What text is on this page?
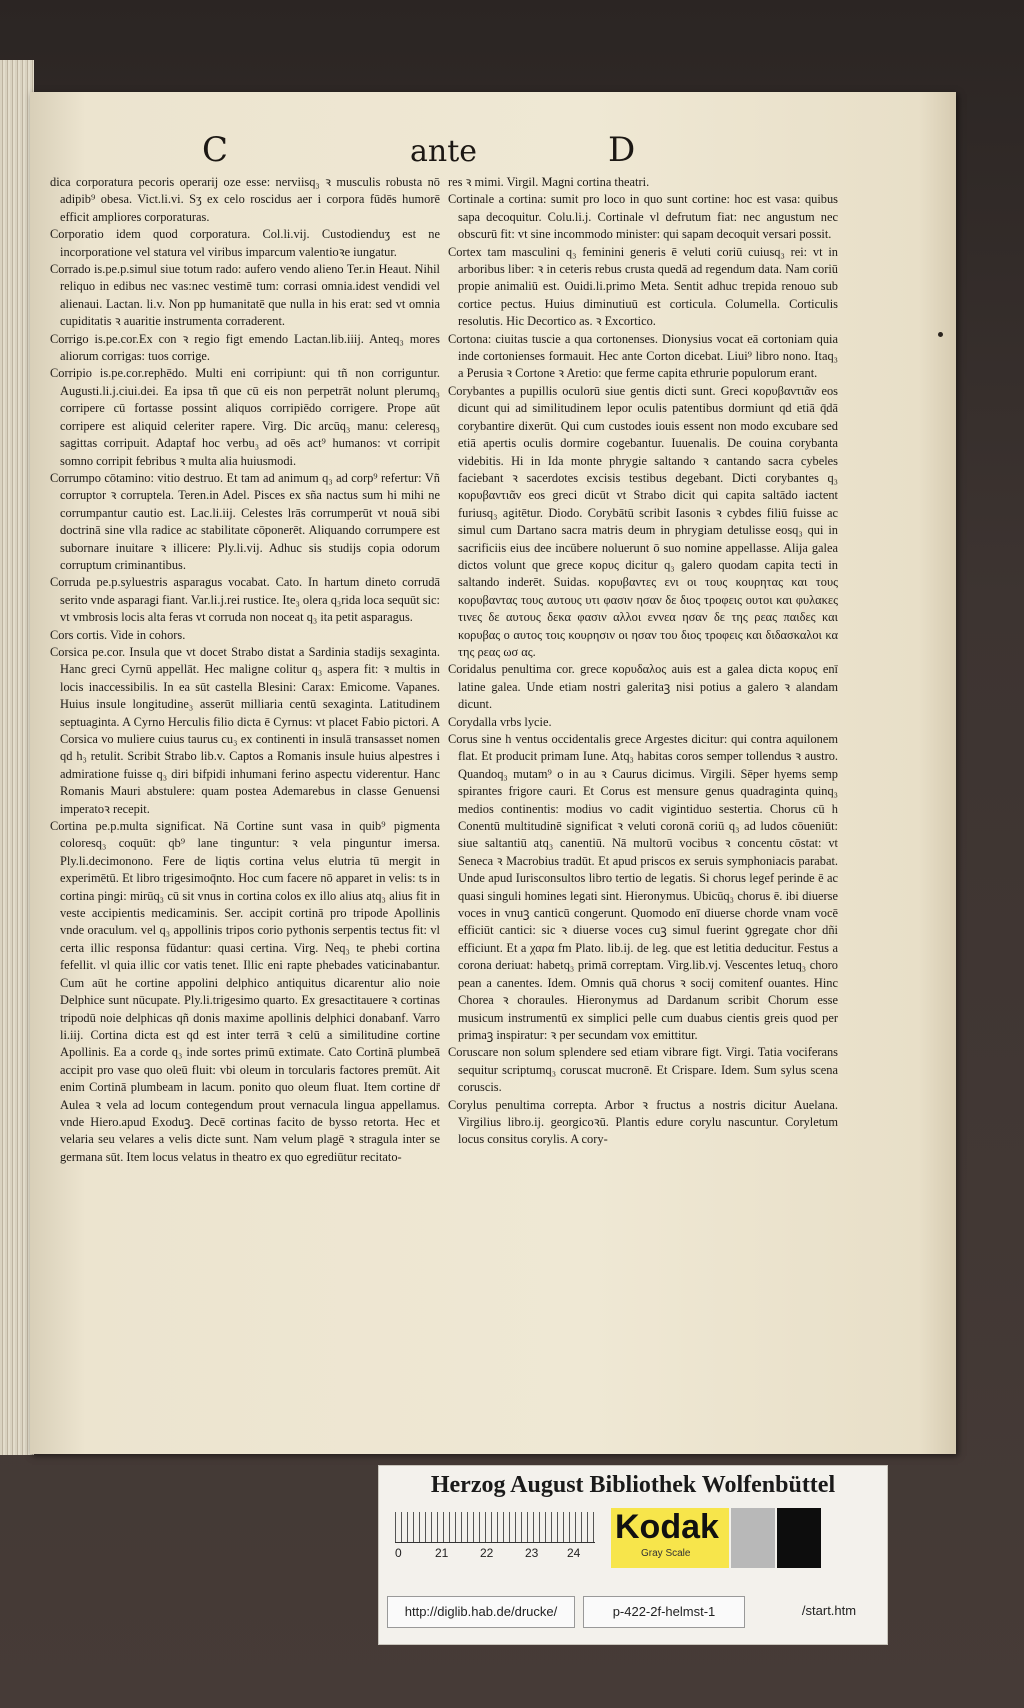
C	ante	D
dica corporatura pecoris operarij oze esse: nerviisq₃ ꝛ musculis robusta nō adipib⁹ obesa. Vict.li.vi. Sʒ ex celo roscidus aer i corpora fūdēs humorē efficit ampliores corporaturas.
Corporatio idem quod corporatura. Col.li.vij. Custodienduʒ est ne incorporatione vel statura vel viribus imparcum valentioꝛe iungatur.
Corrado is.pe.p.simul siue totum rado: aufero vendo alieno Ter.in Heaut. Nihil reliquo in edibus nec vas:nec vestimē tum: corrasi omnia.idest vendidi vel alienaui. Lactan. li.v. Non pp humanitatē que nulla in his erat: sed vt omnia cupiditatis ꝛ auaritie instrumenta corraderent.
Corrigo is.pe.cor.Ex con ꝛ regio figt emendo Lactan.lib.iiij. Anteq₃ mores aliorum corrigas: tuos corrige.
Corripio is.pe.cor.rephēdo. Multi eni corripiunt: qui tñ non corriguntur. Augusti.li.j.ciui.dei. Ea ipsa tñ que cū eis non perpetrāt nolunt plerumq₃ corripere cū fortasse possint aliquos corripiēdo corrigere. Prope aūt corripere est aliquid celeriter rapere. Virg. Dic arcūq₃ manu: celeresq₃ sagittas corripuit. Adaptaf hoc verbu₃ ad oēs act⁹ humanos: vt corripit somno corripit febribus ꝛ multa alia huiusmodi.
Corrumpo cōtamino: vitio destruo. Et tam ad animum q₃ ad corp⁹ refertur: Vñ corruptor ꝛ corruptela. Teren.in Adel. Pisces ex sña nactus sum hi mihi ne corrumpantur cautio est. Lac.li.iij. Celestes lrās corrumperūt vt nouā sibi doctrinā sine vlla radice ac stabilitate cōponerēt. Aliquando corrumpere est subornare inuitare ꝛ illicere: Ply.li.vij. Adhuc sis studijs copia odorum corruptum criminantibus.
Corruda pe.p.syluestris asparagus vocabat. Cato. In hartum dineto corrudā serito vnde asparagi fiant. Var.li.j.rei rustice. Ite₃ olera q₃rida loca sequūt sic: vt vmbrosis locis alta feras vt corruda non noceat q₃ ita petit asparagus.
Cors cortis. Vide in cohors.
Corsica pe.cor. Insula que vt docet Strabo distat a Sardinia stadijs sexaginta. Hanc greci Cyrnū appellāt. Hec maligne colitur q₃ aspera fit: ꝛ multis in locis inaccessibilis. In ea sūt castella Blesini: Carax: Emicome. Vapanes. Huius insule longitudine₃ asserūt milliaria centū sexaginta. Latitudinem septuaginta. A Cyrno Herculis filio dicta ē Cyrnus: vt placet Fabio pictori. A Corsica vo muliere cuius taurus cu₃ ex continenti in insulā transasset nomen qd h₃ retulit. Scribit Strabo lib.v. Captos a Romanis insule huius alpestres i admiratione fuisse q₃ diri bifpidi inhumani ferino aspectu viderentur. Hanc Romanis Mauri abstulere: quam postea Ademarebus in classe Genuensi imperatoꝛ recepit.
Cortina pe.p.multa significat. Nā Cortine sunt vasa in quib⁹ pigmenta coloresq₃ coquūt: qb⁹ lane tinguntur: ꝛ vela pinguntur imersa. Ply.li.decimonono. Fere de liqtis cortina velus elutria tū mergit in experimētū. Et libro trigesimoq̄nto. Hoc cum facere nō apparet in velis: ts in cortina pingi: mirūq₃ cū sit vnus in cortina colos ex illo alius atq₃ alius fit in veste accipientis medicaminis. Ser. accipit cortinā pro tripode Apollinis vnde oraculum. vel q₃ appollinis tripos corio pythonis serpentis tectus fit: vl certa illic responsa fūdantur: quasi certina. Virg. Neq₃ te phebi cortina fefellit. vl quia illic cor vatis tenet. Illic eni rapte phebades vaticinabantur. Cum aūt he cortine appolini delphico antiquitus dicarentur alio noie Delphice sunt nūcupate. Ply.li.trigesimo quarto. Ex gresactitauere ꝛ cortinas tripodū noie delphicas qñ donis maxime apollinis delphici donabanf. Varro li.iij. Cortina dicta est qd est inter terrā ꝛ celū a similitudine cortine Apollinis. Ea a corde q₃ inde sortes primū extimate. Cato Cortinā plumbeā accipit pro vase quo oleū fluit: vbi oleum in torcularis factores premūt. Ait enim Cortinā plumbeam in lacum. ponito quo oleum fluat. Item cortine dr̄ Aulea ꝛ vela ad locum contegendum prout vernacula lingua appellamus. vnde Hiero.apud Exoduꝫ. Decē cortinas facito de bysso retorta. Hec et velaria seu velares a velis dicte sunt. Nam velum plagē ꝛ stragula inter se germana sūt. Item locus velatus in theatro ex quo egrediūtur recitato-
res ꝛ mimi. Virgil. Magni cortina theatri.
Cortinale a cortina: sumit pro loco in quo sunt cortine: hoc est vasa: quibus sapa decoquitur. Colu.li.j. Cortinale vl defrutum fiat: nec angustum nec obscurū fit: vt sine incommodo minister: qui sapam decoquit versari possit.
Cortex tam masculini q₃ feminini generis ē veluti coriū cuiusq₃ rei: vt in arboribus liber: ꝛ in ceteris rebus crusta quedā ad regendum data. Nam coriū propie animaliū est. Ouidi.li.primo Meta. Sentit adhuc trepida renouo sub cortice pectus. Huius diminutiuū est corticula. Columella. Corticulis resolutis. Hic Decortico as. ꝛ Excortico.
Cortona: ciuitas tuscie a qua cortonenses. Dionysius vocat eā cortoniam quia inde cortonienses formauit. Hec ante Corton dicebat. Liui⁹ libro nono. Itaq₃ a Perusia ꝛ Cortone ꝛ Aretio: que ferme capita ethrurie populorum erant.
Corybantes a pupillis oculorū siue gentis dicti sunt. Greci κορυβαντιᾶν eos dicunt qui ad similitudinem lepor oculis patentibus dormiunt qd etiā q̄dā corybantire dixerūt. Qui cum custodes iouis essent non modo excubare sed etiā apertis oculis dormire cogebantur. Iuuenalis. De couina corybanta videbitis. Hi in Ida monte phrygie saltando ꝛ cantando sacra cybeles faciebant ꝛ sacerdotes excisis testibus degebant. Dicti corybantes q₃ κορυβαντιᾶν eos greci dicūt vt Strabo dicit qui capita saltādo iactent furiusq₃ agitētur. Diodo. Corybātū scribit Iasonis ꝛ cybdes filiū fuisse ac simul cum Dartano sacra matris deum in phrygiam detulisse eosq₃ qui in sacrificiis eius dee incūbere noluerunt ō suo nomine appellasse. Alija galea dictos volunt que grece κορυς dicitur q₃ galero quodam capita tecti in saltando inderēt. Suidas. κορυβαντες ενι οι τους κουρητας και τους κορυβαντας τους αυτους υτι φασιν ησαν δε διος τροφεις ουτοι και φυλακες τινες δε αυτους δεκα φασιν αλλοι εννεα ησαν δε της ρεας παιδες και κορυβας ο αυτος τοις κουρησιν οι ησαν του διος τροφεις και διδασκαλοι κα της ρεας ωσ ας.
Coridalus penultima cor. grece κορυδαλος auis est a galea dicta κορυς enī latine galea. Unde etiam nostri galeritaꝫ nisi potius a galero ꝛ alandam dicunt.
Corydalla vrbs lycie.
Corus sine h ventus occidentalis grece Argestes dicitur: qui contra aquilonem flat. Et producit primam Iune. Atq₃ habitas coros semper tollendus ꝛ austro. Quandoq₃ mutam⁹ o in au ꝛ Caurus dicimus. Virgili. Sēper hyems semp spirantes frigore cauri. Et Corus est mensure genus quadraginta quinq₃ medios continentis: modius vo cadit vigintiduo sestertia. Chorus cū h Conentū multitudinē significat ꝛ veluti coronā coriū q₃ ad ludos cōueniūt: siue saltantiū atq₃ canentiū. Nā multorū vocibus ꝛ concentu cōstat: vt Seneca ꝛ Macrobius tradūt. Et apud priscos ex seruis symphoniacis parabat. Unde apud Iurisconsultos libro tertio de legatis. Si chorus legef perinde ē ac quasi singuli homines legati sint. Hieronymus. Ubicūq₃ chorus ē. ibi diuerse voces in vnuꝫ canticū congerunt. Quomodo enī diuerse chorde vnam vocē efficiūt cantici: sic ꝛ diuerse voces cuꝫ simul fuerint ꝯgregate chor dñi efficiunt. Et a χαρα fm Plato. lib.ij. de leg. que est letitia deducitur. Festus a corona deriuat: habetq₃ primā correptam. Virg.lib.vj. Vescentes letuq₃ choro pean a canentes. Idem. Omnis quā chorus ꝛ socij comitenf ouantes. Hinc Chorea ꝛ choraules. Hieronymus ad Dardanum scribit Chorum esse musicum instrumentū ex simplici pelle cum duabus cientis greis quod per primaꝫ inspiratur: ꝛ per secundam vox emittitur.
Coruscare non solum splendere sed etiam vibrare figt. Virgi. Tatia vociferans sequitur scriptumq₃ coruscat mucronē. Et Crispare. Idem. Sum sylus scena coruscis.
Corylus penultima correpta. Arbor ꝛ fructus a nostris dicitur Auelana. Virgilius libro.ij. georgicoꝛū. Plantis edure corylu nascuntur. Coryletum locus consitus corylis. A cory-
Herzog August Bibliothek Wolfenbüttel
0	21	22	23 24
Kodak
Gray Scale
http://diglib.hab.de/drucke/	p-422-2f-helmst-1	/start.htm
